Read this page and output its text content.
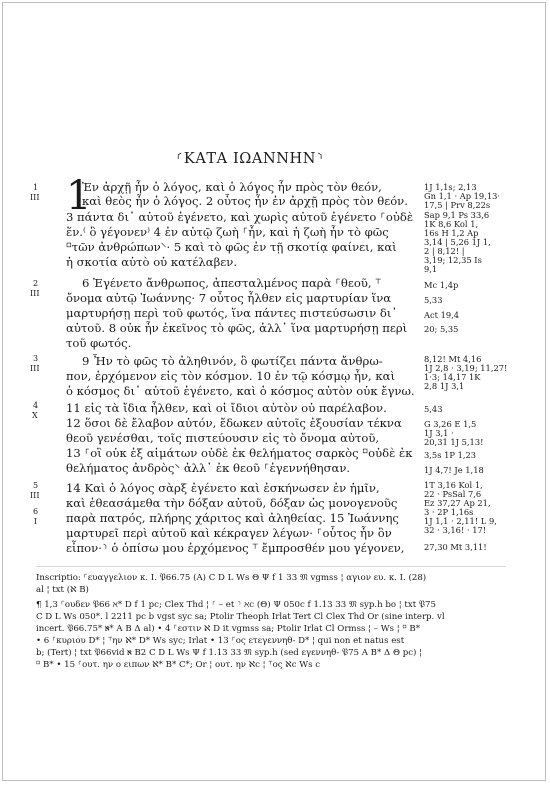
⸂ΚΑΤΑ ΙΩΑΝΝΗΝ⸃
1
1
III
2
III
3
III
4
X
5
III
6
I
Ἐν ἀρχῇ ἦν ὁ λόγος, καὶ ὁ λόγος ἦν πρὸς τὸν θεόν,
καὶ θεὸς ἦν ὁ λόγος. 2 οὗτος ἦν ἐν ἀρχῇ πρὸς τὸν θεόν.
3 πάντα δι᾽ αὐτοῦ ἐγένετο, καὶ χωρὶς αὐτοῦ ἐγένετο ⸀οὐδὲ
ἕν.⁽ ὃ γέγονεν⁾ 4 ἐν αὐτῷ ζωὴ ⸀ἦν, καὶ ἡ ζωὴ ἦν τὸ φῶς
⸋τῶν ἀνθρώπων⸌· 5 καὶ τὸ φῶς ἐν τῇ σκοτίᾳ φαίνει, καὶ
ἡ σκοτία αὐτὸ οὐ κατέλαβεν.
6 Ἐγένετο ἄνθρωπος, ἀπεσταλμένος παρὰ ⸀θεοῦ, ⸆
ὄνομα αὐτῷ Ἰωάννης· 7 οὗτος ἦλθεν εἰς μαρτυρίαν ἵνα
μαρτυρήσῃ περὶ τοῦ φωτός, ἵνα πάντες πιστεύσωσιν δι᾽
αὐτοῦ. 8 οὐκ ἦν ἐκεῖνος τὸ φῶς, ἀλλ᾽ ἵνα μαρτυρήσῃ περὶ
τοῦ φωτός.
9 Ἦν τὸ φῶς τὸ ἀληθινόν, ὃ φωτίζει πάντα ἄνθρω-
πον, ἐρχόμενον εἰς τὸν κόσμον. 10 ἐν τῷ κόσμῳ ἦν, καὶ
ὁ κόσμος δι᾽ αὐτοῦ ἐγένετο, καὶ ὁ κόσμος αὐτὸν οὐκ ἔγνω.
11 εἰς τὰ ἴδια ἦλθεν, καὶ οἱ ἴδιοι αὐτὸν οὐ παρέλαβον.
12 ὅσοι δὲ ἔλαβον αὐτόν, ἔδωκεν αὐτοῖς ἐξουσίαν τέκνα
θεοῦ γενέσθαι, τοῖς πιστεύουσιν εἰς τὸ ὄνομα αὐτοῦ,
13 ⸀οἳ οὐκ ἐξ αἱμάτων οὐδὲ ἐκ θελήματος σαρκὸς ⸋οὐδὲ ἐκ
θελήματος ἀνδρὸς⸌ ἀλλ᾽ ἐκ θεοῦ ⸀ἐγεννήθησαν.
14 Καὶ ὁ λόγος σὰρξ ἐγένετο καὶ ἐσκήνωσεν ἐν ἡμῖν,
καὶ ἐθεασάμεθα τὴν δόξαν αὐτοῦ, δόξαν ὡς μονογενοῦς
παρὰ πατρός, πλήρης χάριτος καὶ ἀληθείας. 15 Ἰωάννης
μαρτυρεῖ περὶ αὐτοῦ καὶ κέκραγεν λέγων· ⸀οὗτος ἦν ὃν
εἶπον·⸃ ὁ ὀπίσω μου ἐρχόμενος ⸆ ἔμπροσθέν μου γέγονεν,
1J 1,1s; 2,13
Gn 1,1 · Ap 19,13·
17,5 | Prv 8,22s
Sap 9,1 Ps 33,6
1K 8,6 Kol 1,
16s H 1,2 Ap
3,14 | 5,26 1J 1,
2 | 8,12! |
3,19; 12,35 Is
9,1
Mc 1,4p
5,33
Act 19,4
20; 5,35
8,12! Mt 4,16
1J 2,8 · 3,19; 11,27!
1·3; 14,17 1K
2,8 1J 3,1
5,43
G 3,26 E 1,5
1J 3,1 ·
20,31 1J 5,13!
3,5s 1P 1,23
1J 4,7! Je 1,18
1T 3,16 Kol 1,
22 · PsSal 7,6
Ez 37,27 Ap 21,
3 · 2P 1,16s
1J 1,1 · 2,11! L 9,
32 · 3,16! · 17!
27,30 Mt 3,11!
Inscriptio: ⸀ευαγγελιον κ. Ι. 𝔓66.75 (A) C D L Ws Θ Ψ f 1 33 𝔐 vgmss ¦ αγιον ευ. κ. Ι. (28)
al ¦ txt (ℵ B)
¶ 1,3 ⸀ουδεν 𝔓66 ℵ* D f 1 pc; Clex Thd ¦ ⸂ – et ⸃ ℵc (Θ) Ψ 050c f 1.13 33 𝔐 syp.h bo ¦ txt 𝔓75
C D L Ws 050*. l 2211 pc b vgst syc sa; Ptolir Theoph Irlat Tert Cl Clex Thd Or (sine interp. vl
incert. 𝔓66.75* ℵ* A B Δ al) • 4 ⸀εστιν ℵ D it vgmss sa; Ptolir Irlat Cl Ormss ¦ – Ws ¦ ⸋ B*
• 6 ⸀κυριου D* ¦ ⸆ην ℵ* D* Ws syc; Irlat • 13 ⸀ος ετεγεννηθ- D* ¦ qui non et natus est
b; (Tert) ¦ txt 𝔓66vid ℵ B2 C D L Ws Ψ f 1.13 33 𝔐 syp.h (sed εγεννηθ- 𝔓75 A B* Δ Θ pc) ¦
⸋ B* • 15 ⸀ουτ. ην ο ειπων ℵ* B* C*; Or ¦ ουτ. ην ℵc ¦ ⸆ος ℵc Ws c
